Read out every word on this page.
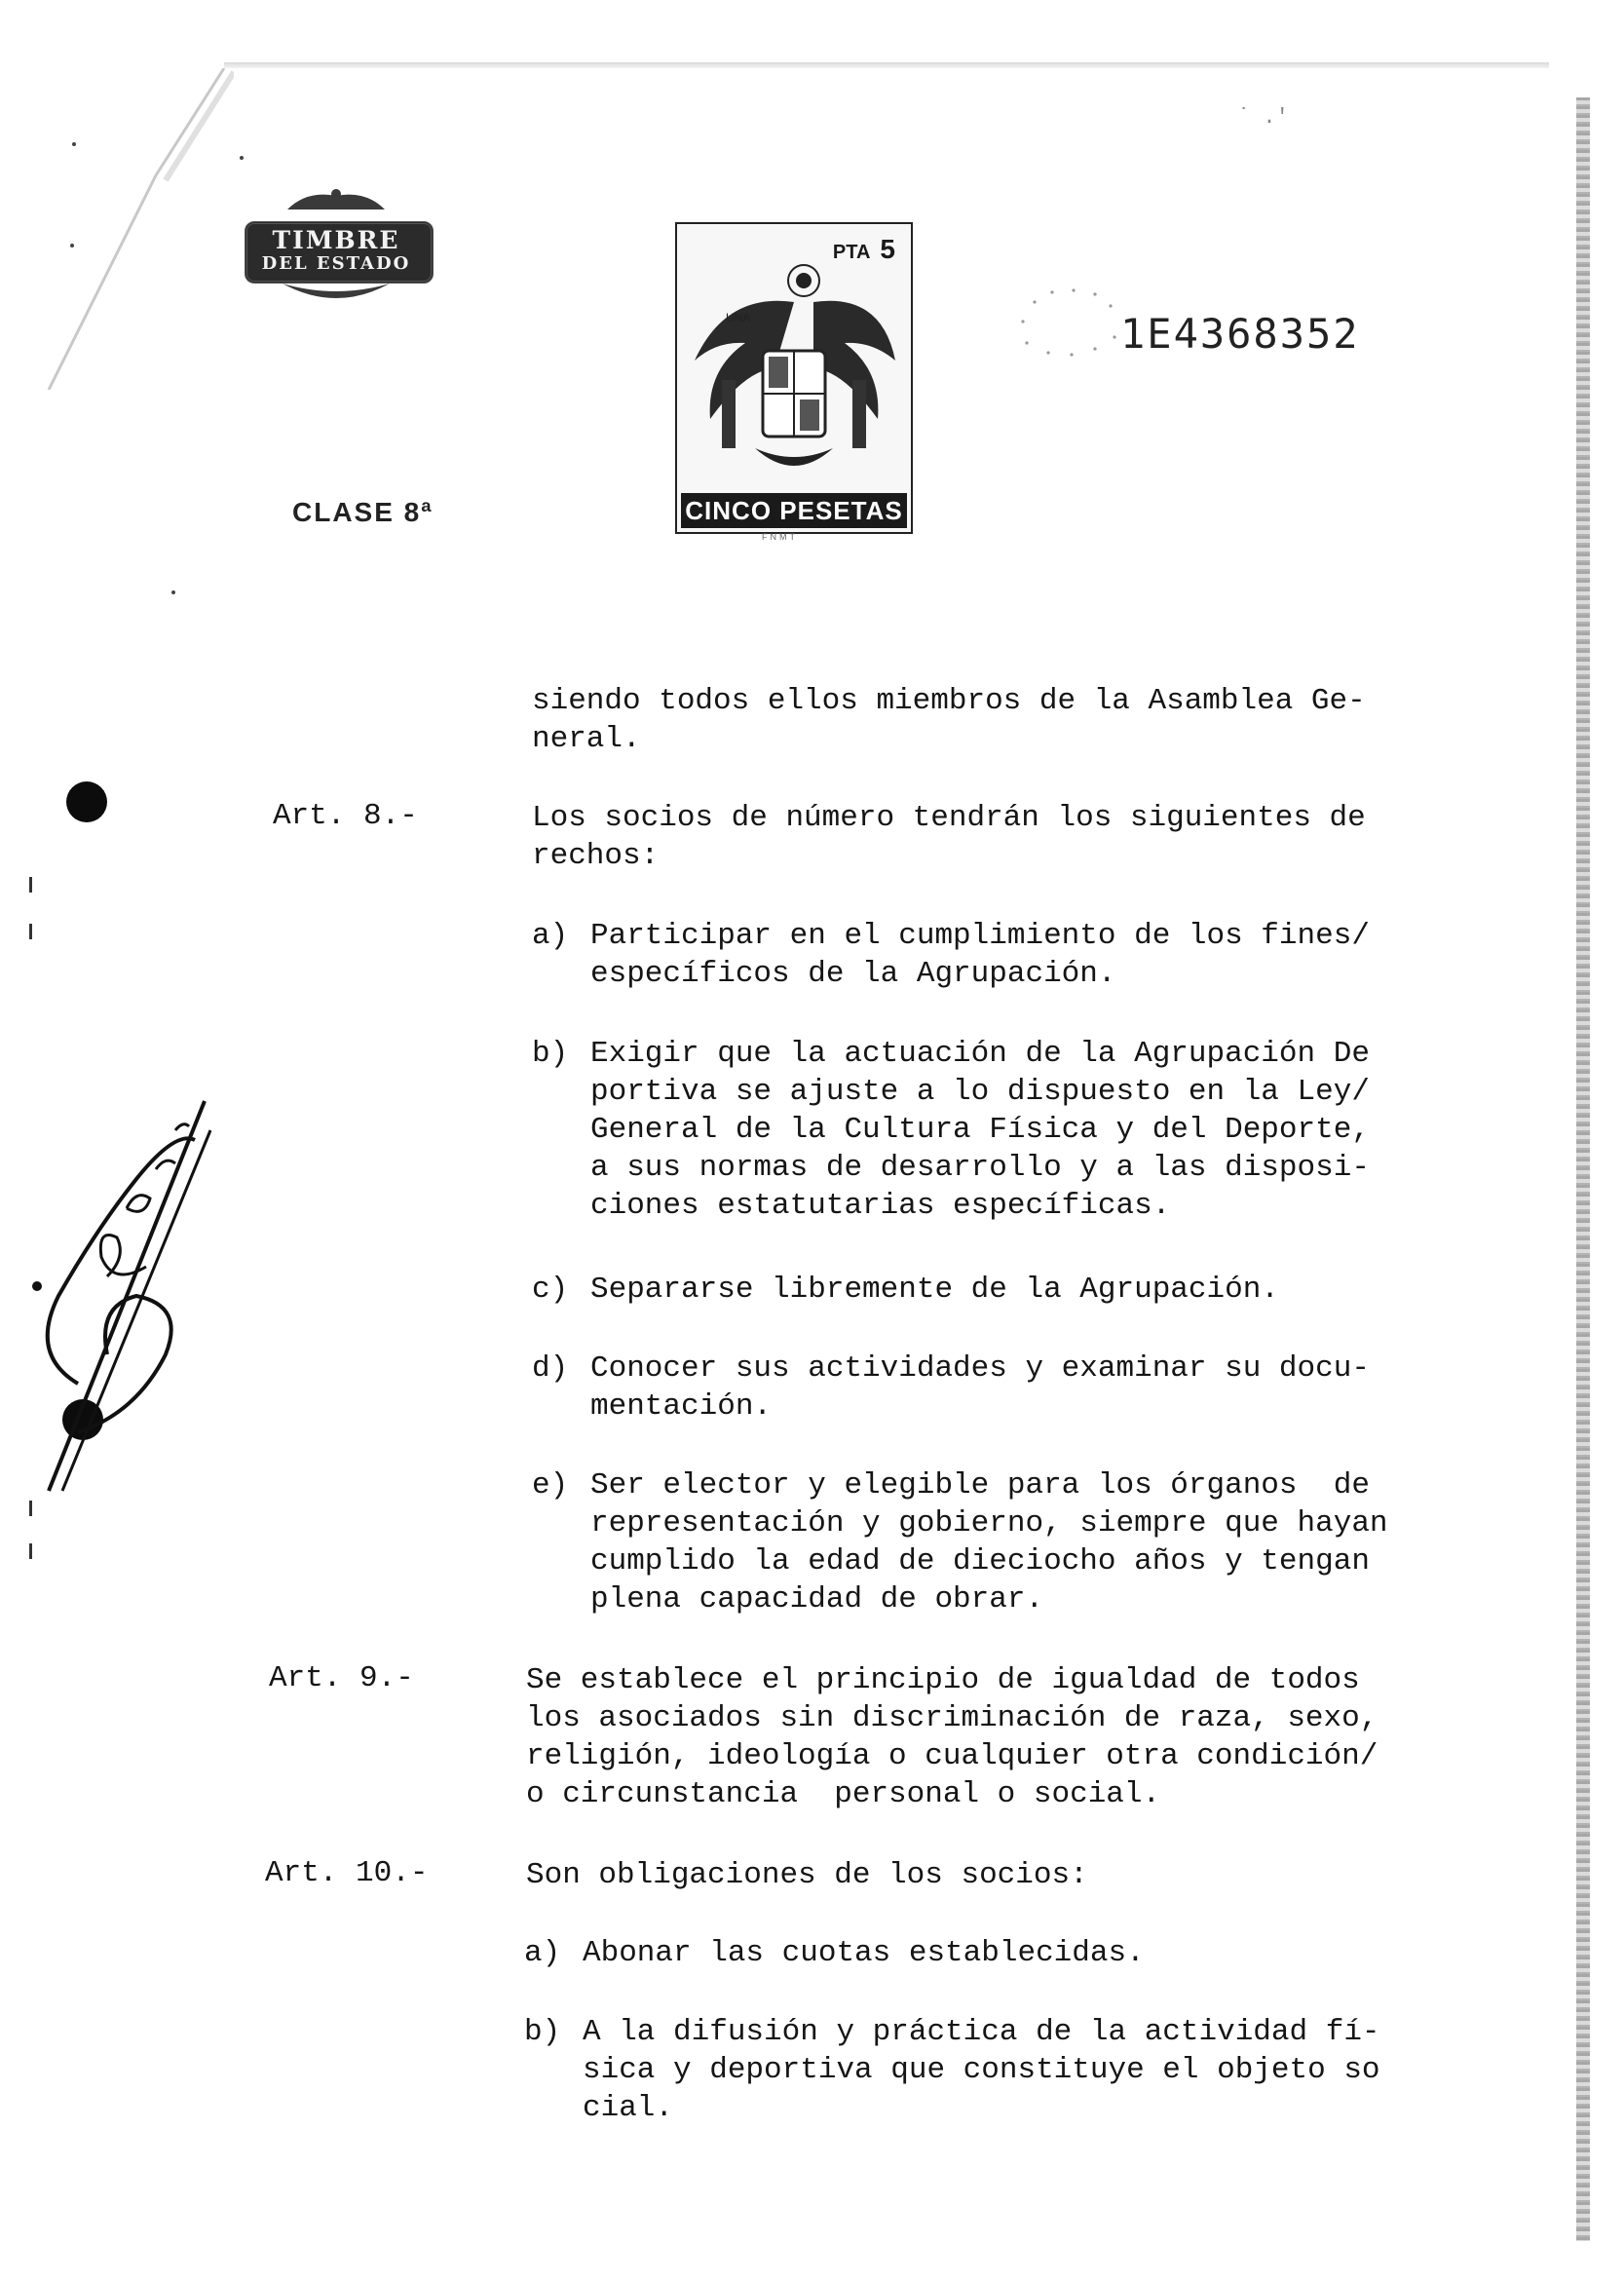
TIMBRE
DEL ESTADO
CLASE 8ª
PTA 5
UNA
CINCO PESETAS
FNMT
1E4368352
˙ .′
siendo todos ellos miembros de la Asamblea Ge-
neral.
Art. 8.-	Los socios de número tendrán los siguientes de
rechos:
a) Participar en el cumplimiento de los fines/
específicos de la Agrupación.
b) Exigir que la actuación de la Agrupación De
portiva se ajuste a lo dispuesto en la Ley/
General de la Cultura Física y del Deporte,
a sus normas de desarrollo y a las disposi-
ciones estatutarias específicas.
c) Separarse libremente de la Agrupación.
d) Conocer sus actividades y examinar su docu-
mentación.
e) Ser elector y elegible para los órganos  de
representación y gobierno, siempre que hayan
cumplido la edad de dieciocho años y tengan
plena capacidad de obrar.
Art. 9.-	Se establece el principio de igualdad de todos
los asociados sin discriminación de raza, sexo,
religión, ideología o cualquier otra condición/
o circunstancia  personal o social.
Art. 10.-	Son obligaciones de los socios:
a) Abonar las cuotas establecidas.
b) A la difusión y práctica de la actividad fí-
sica y deportiva que constituye el objeto so
cial.
